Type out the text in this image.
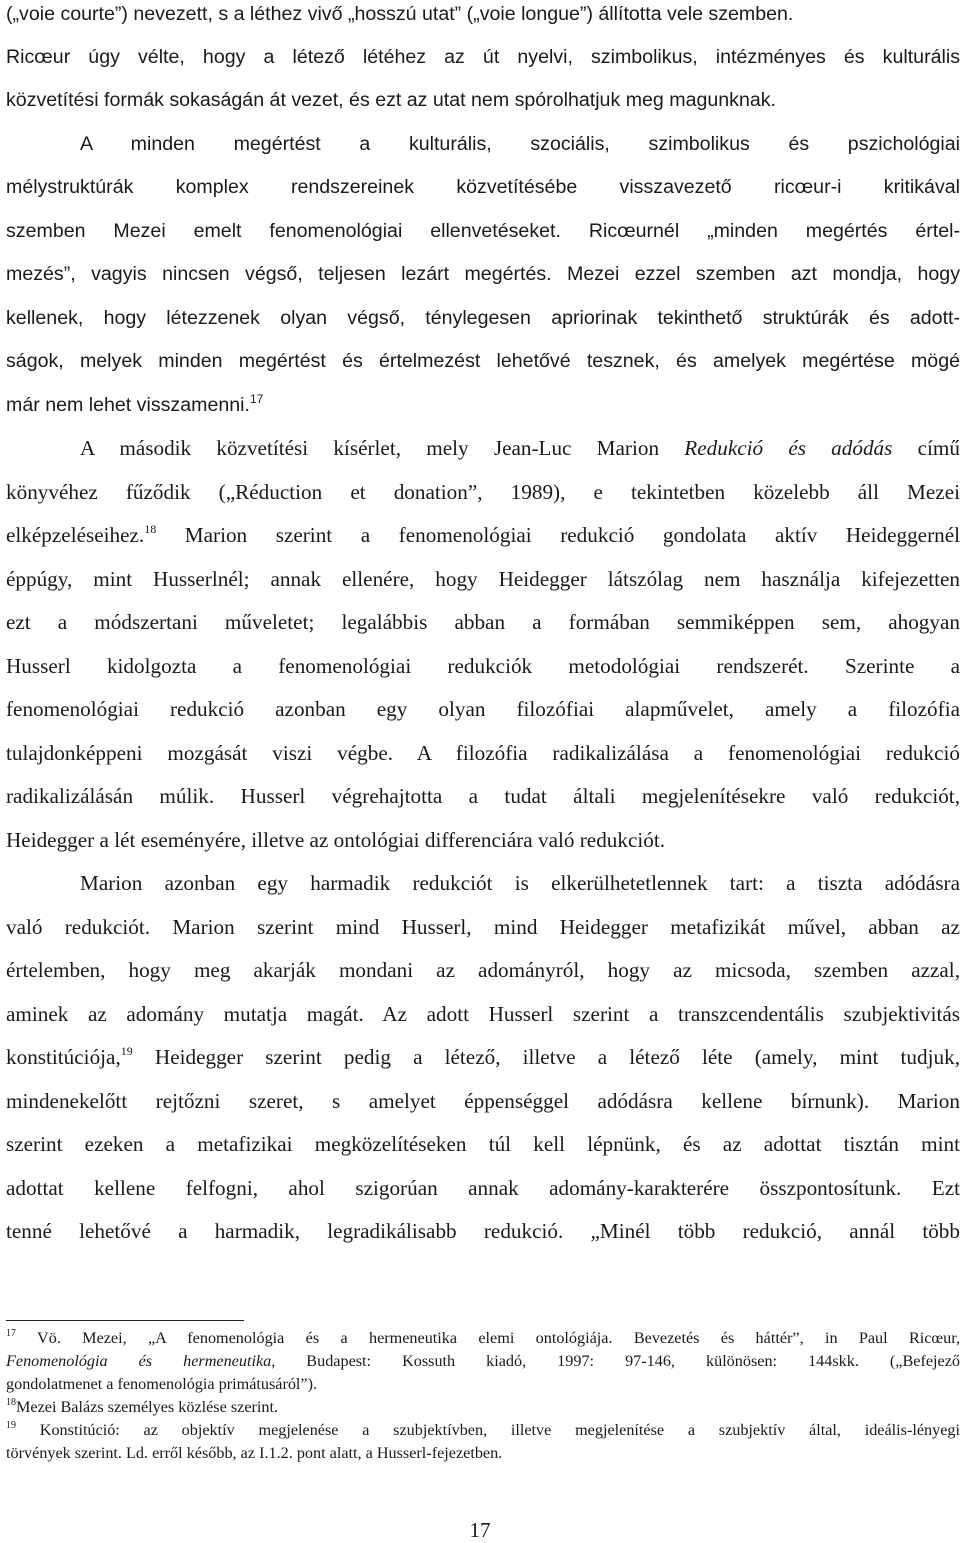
(„voie courte”) nevezett, s a léthez vivő „hosszú utat” („voie longue”) állította vele szemben.
Ricœur úgy vélte, hogy a létező létéhez az út nyelvi, szimbolikus, intézményes és kulturális
közvetítési formák sokaságán át vezet, és ezt az utat nem spórolhatjuk meg magunknak.
A minden megértést a kulturális, szociális, szimbolikus és pszichológiai
mélystruktúrák komplex rendszereinek közvetítésébe visszavezető ricœur-i kritikával
szemben Mezei emelt fenomenológiai ellenvetéseket. Ricœurnél „minden megértés értel-
mezés”, vagyis nincsen végső, teljesen lezárt megértés. Mezei ezzel szemben azt mondja, hogy
kellenek, hogy létezzenek olyan végső, ténylegesen apriorinak tekinthető struktúrák és adott-
ságok, melyek minden megértést és értelmezést lehetővé tesznek, és amelyek megértése mögé
már nem lehet visszamenni.$^{17}$
A második közvetítési kísérlet, mely Jean-Luc Marion Redukció és adódás című
könyvéhez fűződik („Réduction et donation”, 1989), e tekintetben közelebb áll Mezei
elképzeléseihez.$^{18}$ Marion szerint a fenomenológiai redukció gondolata aktív Heideggernél
éppúgy, mint Husserlnél; annak ellenére, hogy Heidegger látszólag nem használja kifejezetten
ezt a módszertani műveletet; legalábbis abban a formában semmiképpen sem, ahogyan
Husserl kidolgozta a fenomenológiai redukciók metodológiai rendszerét. Szerinte a
fenomenológiai redukció azonban egy olyan filozófiai alapművelet, amely a filozófia
tulajdonképpeni mozgását viszi végbe. A filozófia radikalizálása a fenomenológiai redukció
radikalizálásán múlik. Husserl végrehajtotta a tudat általi megjelenítésekre való redukciót,
Heidegger a lét eseményére, illetve az ontológiai differenciára való redukciót.
Marion azonban egy harmadik redukciót is elkerülhetetlennek tart: a tiszta adódásra
való redukciót. Marion szerint mind Husserl, mind Heidegger metafizikát művel, abban az
értelemben, hogy meg akarják mondani az adományról, hogy az micsoda, szemben azzal,
aminek az adomány mutatja magát. Az adott Husserl szerint a transzcendentális szubjektivitás
konstitúciója,$^{19}$ Heidegger szerint pedig a létező, illetve a létező léte (amely, mint tudjuk,
mindenekelőtt rejtőzni szeret, s amelyet éppenséggel adódásra kellene bírnunk). Marion
szerint ezeken a metafizikai megközelítéseken túl kell lépnünk, és az adottat tisztán mint
adottat kellene felfogni, ahol szigorúan annak adomány-karakterére összpontosítunk. Ezt
tenné lehetővé a harmadik, legradikálisabb redukció. „Minél több redukció, annál több
$^{17}$ Vö. Mezei, „A fenomenológia és a hermeneutika elemi ontológiája. Bevezetés és háttér”, in Paul Ricœur,
Fenomenológia és hermeneutika, Budapest: Kossuth kiadó, 1997: 97-146, különösen: 144skk. („Befejező
gondolatmenet a fenomenológia primátusáról”).
$^{18}$Mezei Balázs személyes közlése szerint.
$^{19}$ Konstitúció: az objektív megjelenése a szubjektívben, illetve megjelenítése a szubjektív által, ideális-lényegi
törvények szerint. Ld. erről később, az I.1.2. pont alatt, a Husserl-fejezetben.
17
